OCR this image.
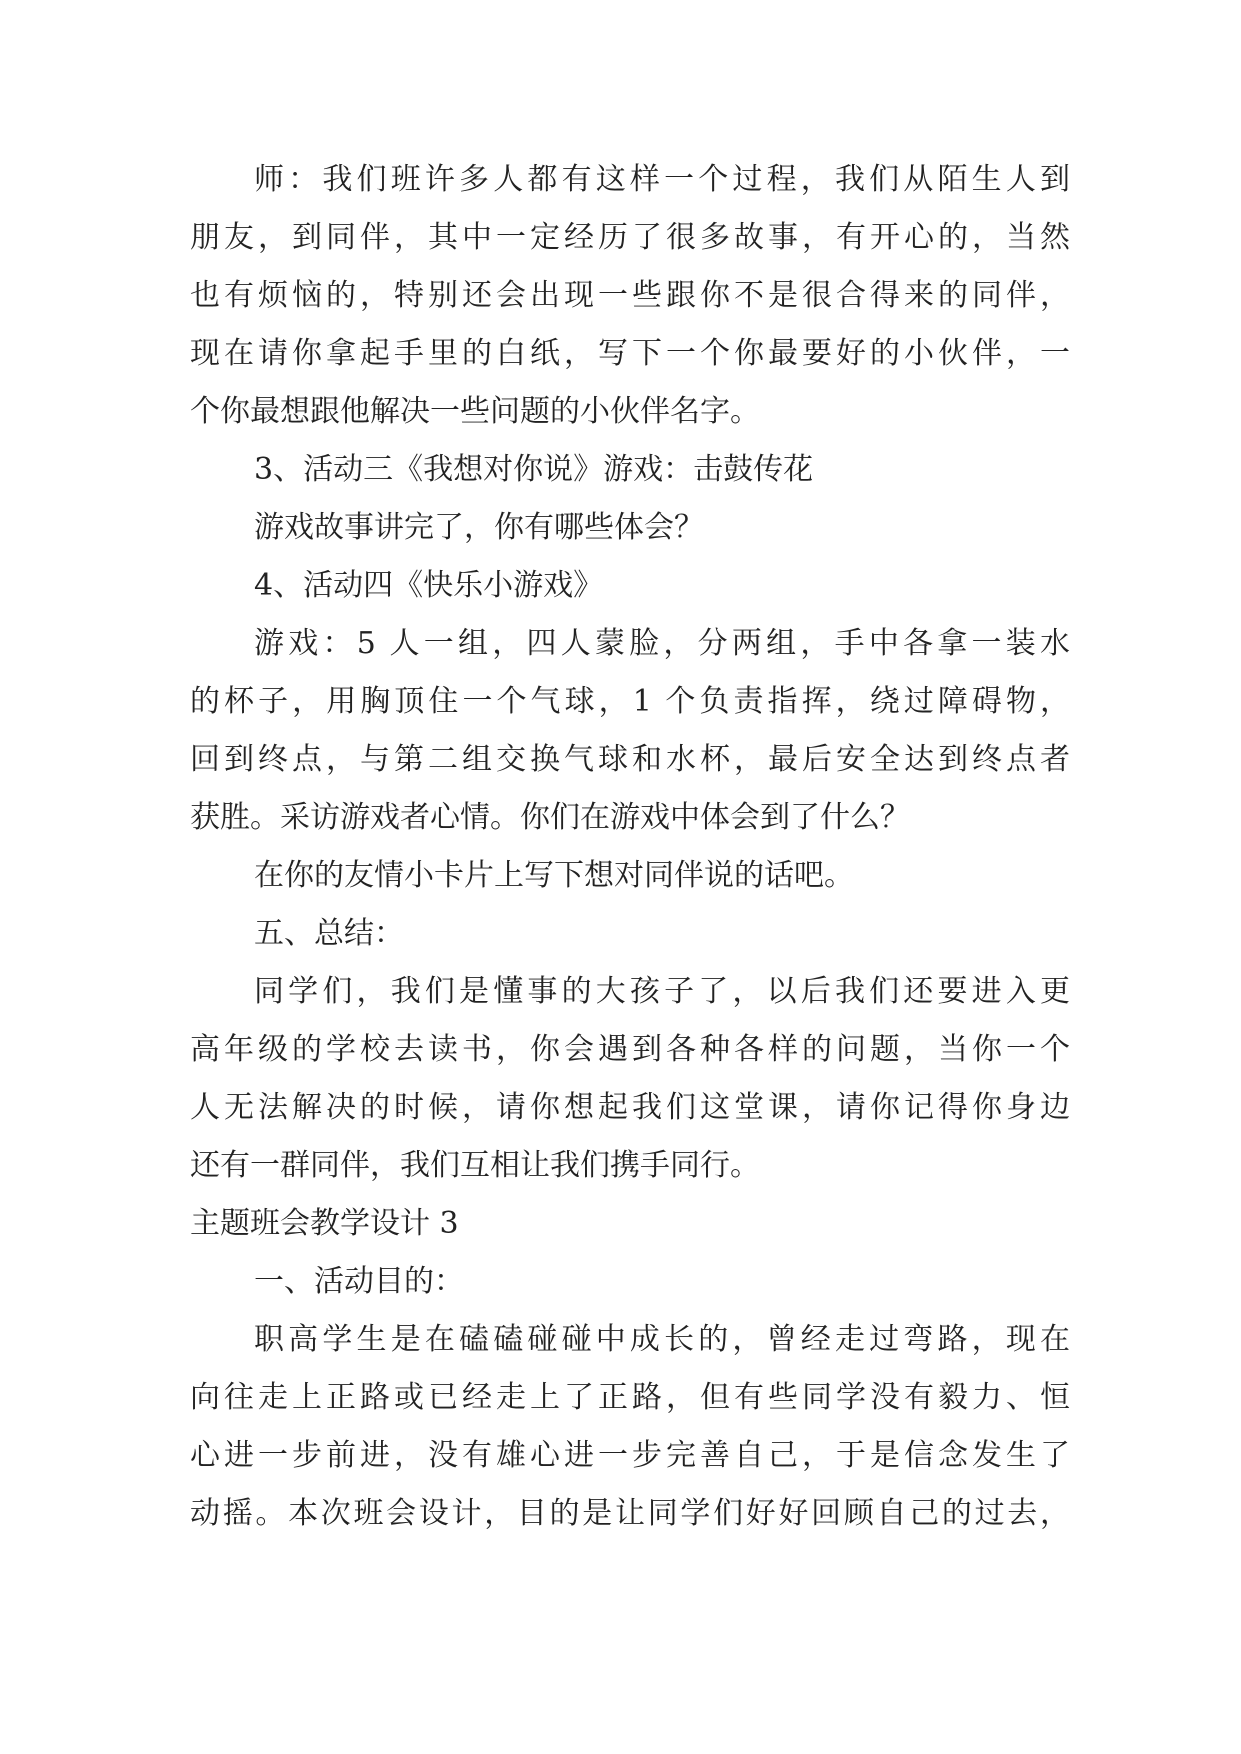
师：我们班许多人都有这样一个过程，我们从陌生人到
朋友，到同伴，其中一定经历了很多故事，有开心的，当然
也有烦恼的，特别还会出现一些跟你不是很合得来的同伴，
现在请你拿起手里的白纸，写下一个你最要好的小伙伴，一
个你最想跟他解决一些问题的小伙伴名字。
3、活动三《我想对你说》游戏：击鼓传花
游戏故事讲完了，你有哪些体会？
4、活动四《快乐小游戏》
游戏：5 人一组，四人蒙脸，分两组，手中各拿一装水
的杯子，用胸顶住一个气球，1 个负责指挥，绕过障碍物，
回到终点，与第二组交换气球和水杯，最后安全达到终点者
获胜。采访游戏者心情。你们在游戏中体会到了什么？
在你的友情小卡片上写下想对同伴说的话吧。
五、总结：
同学们，我们是懂事的大孩子了，以后我们还要进入更
高年级的学校去读书，你会遇到各种各样的问题，当你一个
人无法解决的时候，请你想起我们这堂课，请你记得你身边
还有一群同伴，我们互相让我们携手同行。
主题班会教学设计 3
一、活动目的：
职高学生是在磕磕碰碰中成长的，曾经走过弯路，现在
向往走上正路或已经走上了正路，但有些同学没有毅力、恒
心进一步前进，没有雄心进一步完善自己，于是信念发生了
动摇。本次班会设计，目的是让同学们好好回顾自己的过去，
